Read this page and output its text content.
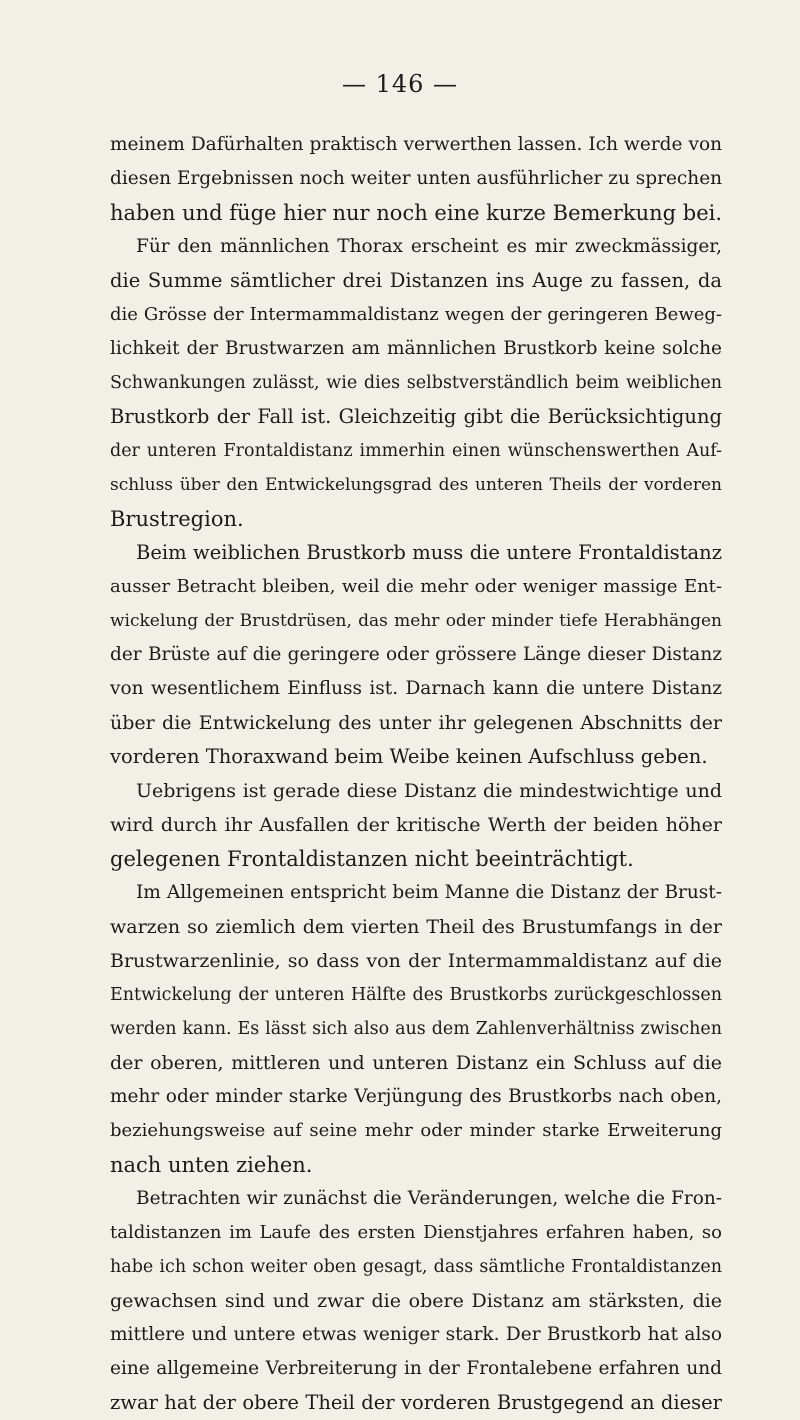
— 146 —
meinem Dafürhalten praktisch verwerthen lassen. Ich werde von
diesen Ergebnissen noch weiter unten ausführlicher zu sprechen
haben und füge hier nur noch eine kurze Bemerkung bei.
Für den männlichen Thorax erscheint es mir zweckmässiger,
die Summe sämtlicher drei Distanzen ins Auge zu fassen, da
die Grösse der Intermammaldistanz wegen der geringeren Beweg-
lichkeit der Brustwarzen am männlichen Brustkorb keine solche
Schwankungen zulässt, wie dies selbstverständlich beim weiblichen
Brustkorb der Fall ist. Gleichzeitig gibt die Berücksichtigung
der unteren Frontaldistanz immerhin einen wünschenswerthen Auf-
schluss über den Entwickelungsgrad des unteren Theils der vorderen
Brustregion.
Beim weiblichen Brustkorb muss die untere Frontaldistanz
ausser Betracht bleiben, weil die mehr oder weniger massige Ent-
wickelung der Brustdrüsen, das mehr oder minder tiefe Herabhängen
der Brüste auf die geringere oder grössere Länge dieser Distanz
von wesentlichem Einfluss ist. Darnach kann die untere Distanz
über die Entwickelung des unter ihr gelegenen Abschnitts der
vorderen Thoraxwand beim Weibe keinen Aufschluss geben.
Uebrigens ist gerade diese Distanz die mindestwichtige und
wird durch ihr Ausfallen der kritische Werth der beiden höher
gelegenen Frontaldistanzen nicht beeinträchtigt.
Im Allgemeinen entspricht beim Manne die Distanz der Brust-
warzen so ziemlich dem vierten Theil des Brustumfangs in der
Brustwarzenlinie, so dass von der Intermammaldistanz auf die
Entwickelung der unteren Hälfte des Brustkorbs zurückgeschlossen
werden kann. Es lässt sich also aus dem Zahlenverhältniss zwischen
der oberen, mittleren und unteren Distanz ein Schluss auf die
mehr oder minder starke Verjüngung des Brustkorbs nach oben,
beziehungsweise auf seine mehr oder minder starke Erweiterung
nach unten ziehen.
Betrachten wir zunächst die Veränderungen, welche die Fron-
taldistanzen im Laufe des ersten Dienstjahres erfahren haben, so
habe ich schon weiter oben gesagt, dass sämtliche Frontaldistanzen
gewachsen sind und zwar die obere Distanz am stärksten, die
mittlere und untere etwas weniger stark. Der Brustkorb hat also
eine allgemeine Verbreiterung in der Frontalebene erfahren und
zwar hat der obere Theil der vorderen Brustgegend an dieser
